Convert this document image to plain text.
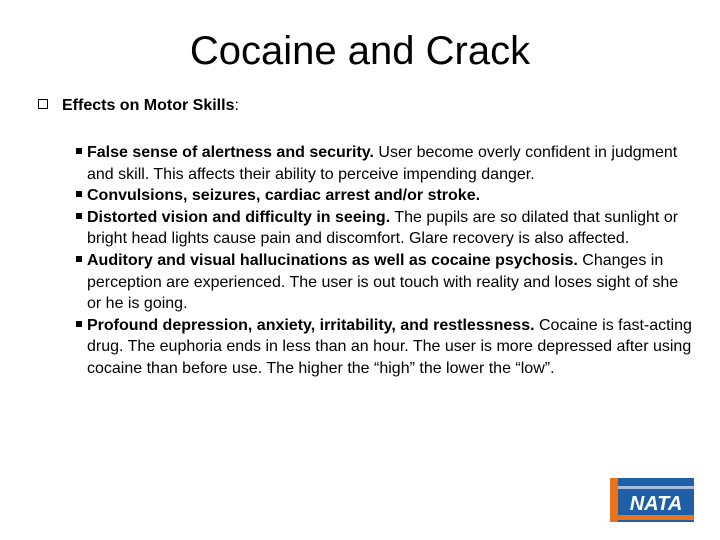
Cocaine and Crack
Effects on Motor Skills:

False sense of alertness and security. User become overly confident in judgment and skill. This affects their ability to perceive impending danger.

Convulsions, seizures, cardiac arrest and/or stroke.

Distorted vision and difficulty in seeing. The pupils are so dilated that sunlight or bright head lights cause pain and discomfort. Glare recovery is also affected.

Auditory and visual hallucinations as well as cocaine psychosis. Changes in perception are experienced. The user is out touch with reality and loses sight of she or he is going.

Profound depression, anxiety, irritability, and restlessness. Cocaine is fast-acting drug. The euphoria ends in less than an hour. The user is more depressed after using cocaine than before use. The higher the “high” the lower the “low”.

NATA
